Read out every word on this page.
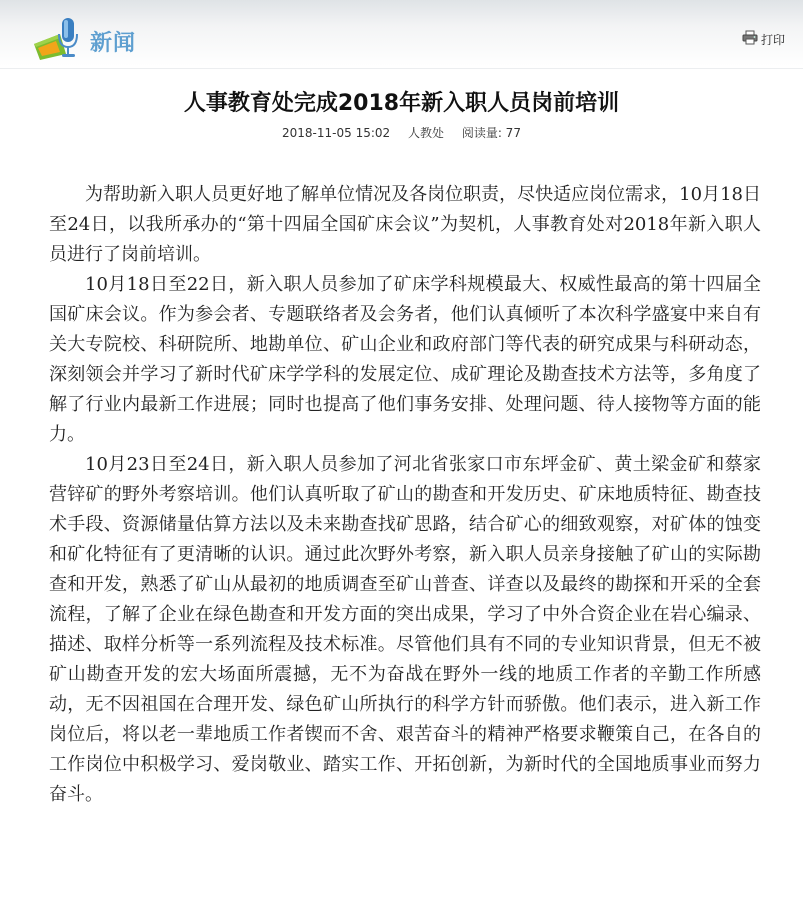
新闻	打印
人事教育处完成2018年新入职人员岗前培训
2018-11-05 15:02 人教处 阅读量: 77

为帮助新入职人员更好地了解单位情况及各岗位职责，尽快适应岗位需求，10月18日至24日，以我所承办的“第十四届全国矿床会议”为契机，人事教育处对2018年新入职人员进行了岗前培训。

10月18日至22日，新入职人员参加了矿床学科规模最大、权威性最高的第十四届全国矿床会议。作为参会者、专题联络者及会务者，他们认真倾听了本次科学盛宴中来自有关大专院校、科研院所、地勘单位、矿山企业和政府部门等代表的研究成果与科研动态，深刻领会并学习了新时代矿床学学科的发展定位、成矿理论及勘查技术方法等，多角度了解了行业内最新工作进展；同时也提高了他们事务安排、处理问题、待人接物等方面的能力。

10月23日至24日，新入职人员参加了河北省张家口市东坪金矿、黄土梁金矿和蔡家营锌矿的野外考察培训。他们认真听取了矿山的勘查和开发历史、矿床地质特征、勘查技术手段、资源储量估算方法以及未来勘查找矿思路，结合矿心的细致观察，对矿体的蚀变和矿化特征有了更清晰的认识。通过此次野外考察，新入职人员亲身接触了矿山的实际勘查和开发，熟悉了矿山从最初的地质调查至矿山普查、详查以及最终的勘探和开采的全套流程，了解了企业在绿色勘查和开发方面的突出成果，学习了中外合资企业在岩心编录、描述、取样分析等一系列流程及技术标准。尽管他们具有不同的专业知识背景，但无不被矿山勘查开发的宏大场面所震撼，无不为奋战在野外一线的地质工作者的辛勤工作所感动，无不因祖国在合理开发、绿色矿山所执行的科学方针而骄傲。他们表示，进入新工作岗位后，将以老一辈地质工作者锲而不舍、艰苦奋斗的精神严格要求鞭策自己，在各自的工作岗位中积极学习、爱岗敬业、踏实工作、开拓创新，为新时代的全国地质事业而努力奋斗。
